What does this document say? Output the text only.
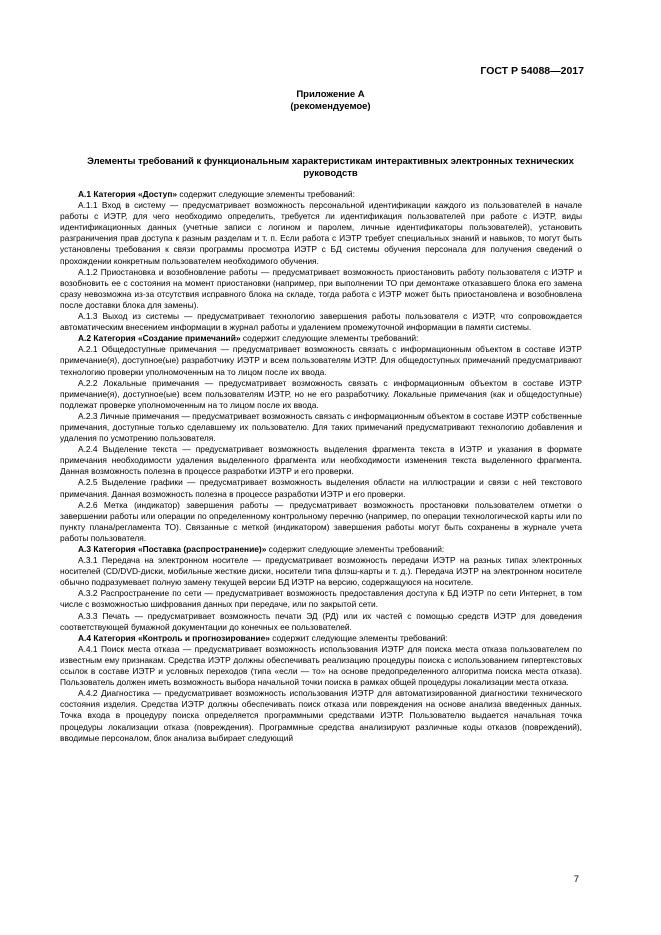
ГОСТ Р 54088—2017
Приложение А
(рекомендуемое)
Элементы требований к функциональным характеристикам интерактивных электронных технических руководств

А.1 Категория «Доступ» содержит следующие элементы требований:

А.1.1 Вход в систему — предусматривает возможность персональной идентификации каждого из пользователей в начале работы с ИЭТР, для чего необходимо определить, требуется ли идентификация пользователей при работе с ИЭТР, виды идентификационных данных (учетные записи с логином и паролем, личные идентификаторы пользователей), установить разграничения прав доступа к разным разделам и т. п. Если работа с ИЭТР требует специальных знаний и навыков, то могут быть установлены требования к связи программы просмотра ИЭТР с БД системы обучения персонала для получения сведений о прохождении конкретным пользователем необходимого обучения.

А.1.2 Приостановка и возобновление работы — предусматривает возможность приостановить работу пользователя с ИЭТР и возобновить ее с состояния на момент приостановки (например, при выполнении ТО при демонтаже отказавшего блока его замена сразу невозможна из-за отсутствия исправного блока на складе, тогда работа с ИЭТР может быть приостановлена и возобновлена после доставки блока для замены).

А.1.3 Выход из системы — предусматривает технологию завершения работы пользователя с ИЭТР, что сопровождается автоматическим внесением информации в журнал работы и удалением промежуточной информации в памяти системы.

А.2 Категория «Создание примечаний» содержит следующие элементы требований:

А.2.1 Общедоступные примечания — предусматривает возможность связать с информационным объектом в составе ИЭТР примечание(я), доступное(ые) разработчику ИЭТР и всем пользователям ИЭТР. Для общедоступных примечаний предусматривают технологию проверки уполномоченным на то лицом после их ввода.

А.2.2 Локальные примечания — предусматривает возможность связать с информационным объектом в составе ИЭТР примечание(я), доступное(ые) всем пользователям ИЭТР, но не его разработчику. Локальные примечания (как и общедоступные) подлежат проверке уполномоченным на то лицом после их ввода.

А.2.3 Личные примечания — предусматривает возможность связать с информационным объектом в составе ИЭТР собственные примечания, доступные только сделавшему их пользователю. Для таких примечаний предусматривают технологию добавления и удаления по усмотрению пользователя.

А.2.4 Выделение текста — предусматривает возможность выделения фрагмента текста в ИЭТР и указания в формате примечания необходимости удаления выделенного фрагмента или необходимости изменения текста выделенного фрагмента. Данная возможность полезна в процессе разработки ИЭТР и его проверки.

А.2.5 Выделение графики — предусматривает возможность выделения области на иллюстрации и связи с ней текстового примечания. Данная возможность полезна в процессе разработки ИЭТР и его проверки.

А.2.6 Метка (индикатор) завершения работы — предусматривает возможность простановки пользователем отметки о завершении работы или операции по определенному контрольному перечню (например, по операции технологической карты или по пункту плана/регламента ТО). Связанные с меткой (индикатором) завершения работы могут быть сохранены в журнале учета работы пользователя.

А.3 Категория «Поставка (распространение)» содержит следующие элементы требований:

А.3.1 Передача на электронном носителе — предусматривает возможность передачи ИЭТР на разных типах электронных носителей (CD/DVD-диски, мобильные жесткие диски, носители типа флэш-карты и т. д.). Передача ИЭТР на электронном носителе обычно подразумевает полную замену текущей версии БД ИЭТР на версию, содержащуюся на носителе.

А.3.2 Распространение по сети — предусматривает возможность предоставления доступа к БД ИЭТР по сети Интернет, в том числе с возможностью шифрования данных при передаче, или по закрытой сети.

А.3.3 Печать — предусматривает возможность печати ЭД (РД) или их частей с помощью средств ИЭТР для доведения соответствующей бумажной документации до конечных ее пользователей.

А.4 Категория «Контроль и прогнозирование» содержит следующие элементы требований:

А.4.1 Поиск места отказа — предусматривает возможность использования ИЭТР для поиска места отказа пользователем по известным ему признакам. Средства ИЭТР должны обеспечивать реализацию процедуры поиска с использованием гипертекстовых ссылок в составе ИЭТР и условных переходов (типа «если — то» на основе предопределенного алгоритма поиска места отказа). Пользователь должен иметь возможность выбора начальной точки поиска в рамках общей процедуры локализации места отказа.

А.4.2 Диагностика — предусматривает возможность использования ИЭТР для автоматизированной диагностики технического состояния изделия. Средства ИЭТР должны обеспечивать поиск отказа или повреждения на основе анализа введенных данных. Точка входа в процедуру поиска определяется программными средствами ИЭТР. Пользователю выдается начальная точка процедуры локализации отказа (повреждения). Программные средства анализируют различные коды отказов (повреждений), вводимые персоналом, блок анализа выбирает следующий

7
